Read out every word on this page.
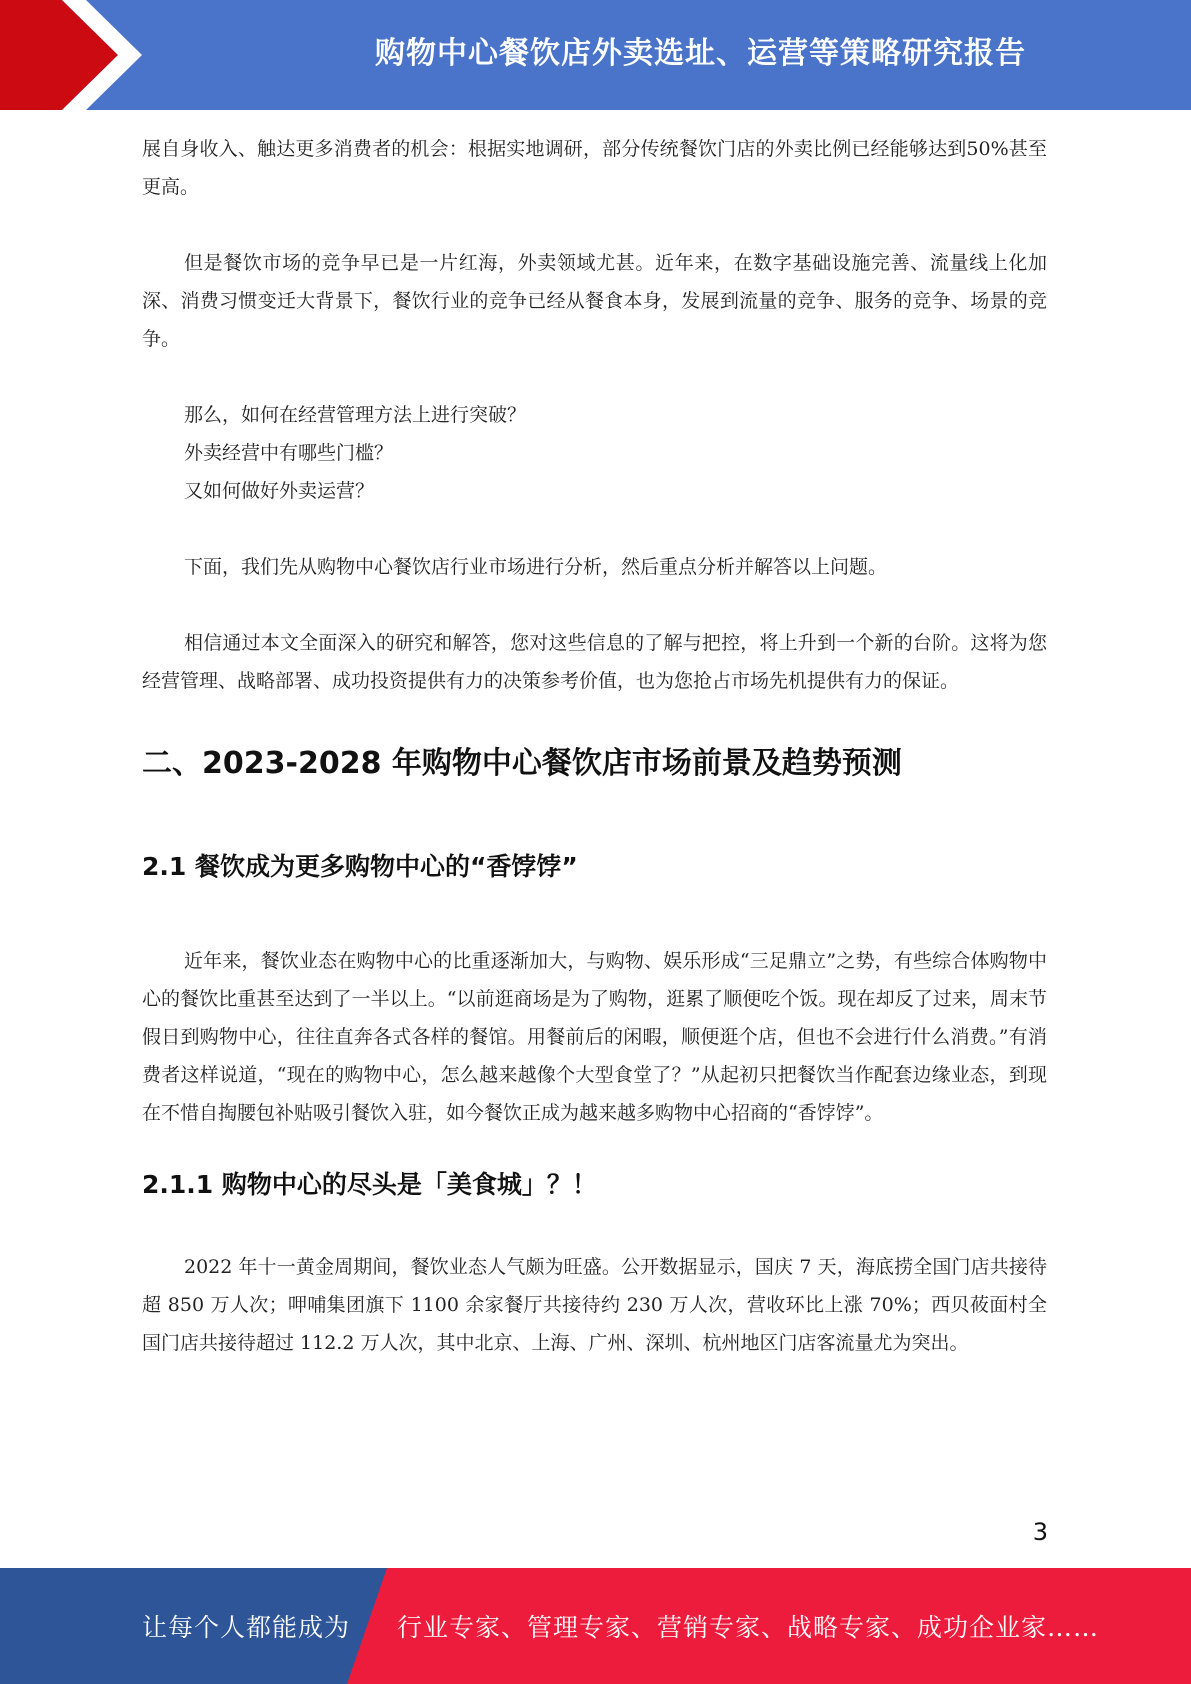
购物中心餐饮店外卖选址、运营等策略研究报告

展自身收入、触达更多消费者的机会：根据实地调研，部分传统餐饮门店的外卖比例已经能够达到50%甚至更高。

但是餐饮市场的竞争早已是一片红海，外卖领域尤甚。近年来，在数字基础设施完善、流量线上化加深、消费习惯变迁大背景下，餐饮行业的竞争已经从餐食本身，发展到流量的竞争、服务的竞争、场景的竞争。

那么，如何在经营管理方法上进行突破？

外卖经营中有哪些门槛？

又如何做好外卖运营？

下面，我们先从购物中心餐饮店行业市场进行分析，然后重点分析并解答以上问题。

相信通过本文全面深入的研究和解答，您对这些信息的了解与把控，将上升到一个新的台阶。这将为您经营管理、战略部署、成功投资提供有力的决策参考价值，也为您抢占市场先机提供有力的保证。

二、2023-2028 年购物中心餐饮店市场前景及趋势预测
2.1 餐饮成为更多购物中心的“香饽饽”

近年来，餐饮业态在购物中心的比重逐渐加大，与购物、娱乐形成“三足鼎立”之势，有些综合体购物中心的餐饮比重甚至达到了一半以上。“以前逛商场是为了购物，逛累了顺便吃个饭。现在却反了过来，周末节假日到购物中心，往往直奔各式各样的餐馆。用餐前后的闲暇，顺便逛个店，但也不会进行什么消费。”有消费者这样说道，“现在的购物中心，怎么越来越像个大型食堂了？”从起初只把餐饮当作配套边缘业态，到现在不惜自掏腰包补贴吸引餐饮入驻，如今餐饮正成为越来越多购物中心招商的“香饽饽”。

2.1.1 购物中心的尽头是「美食城」？！

2022 年十一黄金周期间，餐饮业态人气颇为旺盛。公开数据显示，国庆 7 天，海底捞全国门店共接待超 850 万人次；呷哺集团旗下 1100 余家餐厅共接待约 230 万人次，营收环比上涨 70%；西贝莜面村全国门店共接待超过 112.2 万人次，其中北京、上海、广州、深圳、杭州地区门店客流量尤为突出。

3
让每个人都能成为 行业专家、管理专家、营销专家、战略专家、成功企业家……
